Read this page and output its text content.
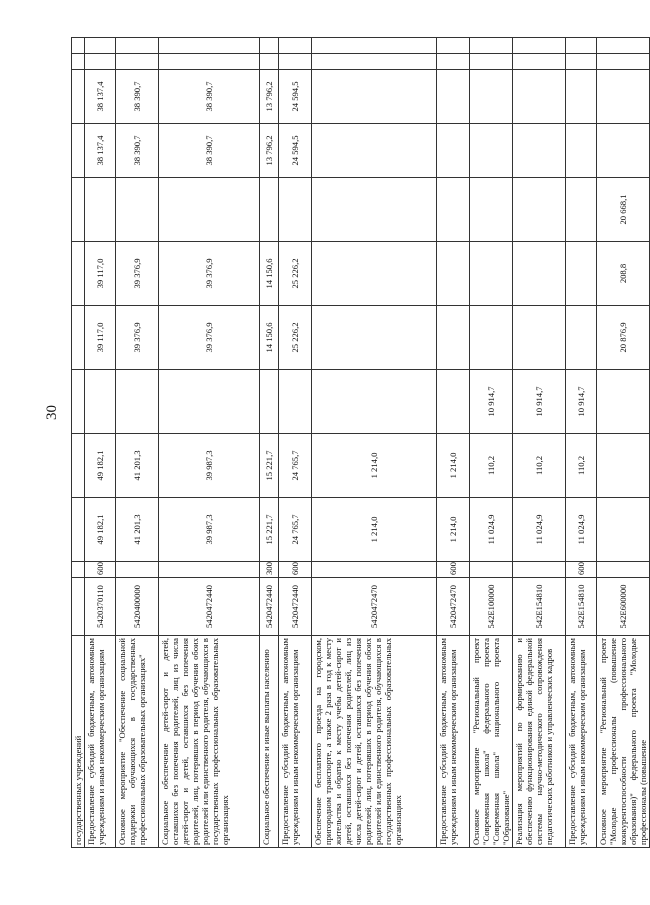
30
государственных учреждений												
Предоставление субсидий бюджетным, автономным учреждениям и иным некоммерческим организациям	5420370110	600	49 182,1	49 182,1		39 117,0	39 117,0		38 137,4	38 137,4		
Основное мероприятие "Обеспечение социальной поддержки обучающихся в государственных профессиональных образовательных организациях"	5420400000		41 201,3	41 201,3		39 376,9	39 376,9		38 390,7	38 390,7		
Социальное обеспечение детей-сирот и детей, оставшихся без попечения родителей, лиц из числа детей-сирот и детей, оставшихся без попечения родителей, лиц, потерявших в период обучения обоих родителей или единственного родителя, обучающихся в государственных профессиональных образовательных организациях	5420472440		39 987,3	39 987,3		39 376,9	39 376,9		38 390,7	38 390,7		
Социальное обеспечение и иные выплаты населению	5420472440	300	15 221,7	15 221,7		14 150,6	14 150,6		13 796,2	13 796,2		
Предоставление субсидий бюджетным, автономным учреждениям и иным некоммерческим организациям	5420472440	600	24 765,7	24 765,7		25 226,2	25 226,2		24 594,5	24 594,5		
Обеспечение бесплатного проезда на городском, пригородном транспорте, а также 2 раза в год к месту жительства и обратно к месту учебы детей-сирот и детей, оставшихся без попечения родителей, лиц из числа детей-сирот и детей, оставшихся без попечения родителей, лиц, потерявших в период обучения обоих родителей или единственного родителя, обучающихся в государственных профессиональных образовательных организациях	5420472470		1 214,0	1 214,0								
Предоставление субсидий бюджетным, автономным учреждениям и иным некоммерческим организациям	5420472470	600	1 214,0	1 214,0								
Основное мероприятие "Региональный проект "Современная школа" федерального проекта "Современная школа" национального проекта "Образование"	542E100000		11 024,9	110,2	10 914,7							
Реализация мероприятий по формированию и обеспечению функционирования единой федеральной системы научно-методического сопровождения педагогических работников и управленческих кадров	542E154810		11 024,9	110,2	10 914,7							
Предоставление субсидий бюджетным, автономным учреждениям и иным некоммерческим организациям	542E154810	600	11 024,9	110,2	10 914,7							
Основное мероприятие "Региональный проект "Молодые профессионалы (повышение конкурентоспособности профессионального образования)" федерального проекта "Молодые профессионалы (повышение	542E600000					20 876,9	208,8	20 668,1				
